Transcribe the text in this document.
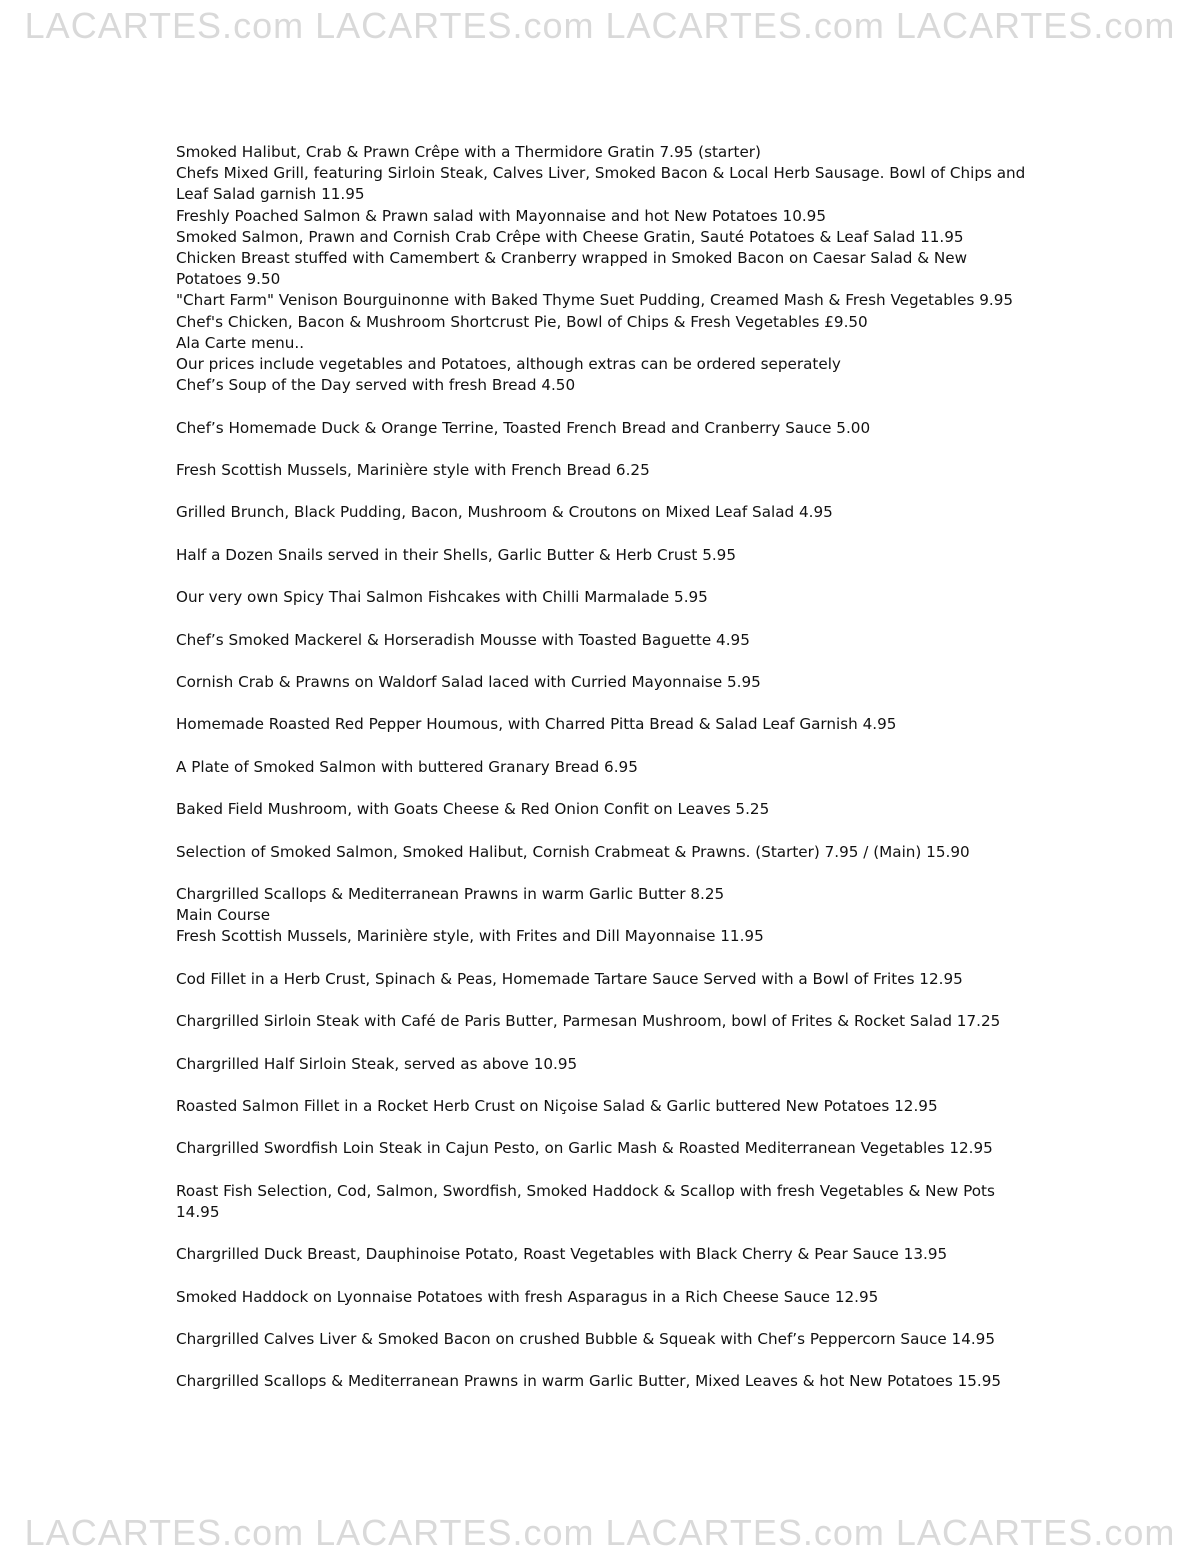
LACARTES.com LACARTES.com LACARTES.com LACARTES.com
Smoked Halibut, Crab & Prawn Crêpe with a Thermidore Gratin 7.95 (starter)
Chefs Mixed Grill, featuring Sirloin Steak, Calves Liver, Smoked Bacon & Local Herb Sausage. Bowl of Chips and Leaf Salad garnish 11.95
Freshly Poached Salmon & Prawn salad with Mayonnaise and hot New Potatoes 10.95
Smoked Salmon, Prawn and Cornish Crab Crêpe with Cheese Gratin, Sauté Potatoes & Leaf Salad 11.95
Chicken Breast stuffed with Camembert & Cranberry wrapped in Smoked Bacon on Caesar Salad & New Potatoes 9.50
"Chart Farm" Venison Bourguinonne with Baked Thyme Suet Pudding, Creamed Mash & Fresh Vegetables 9.95
Chef's Chicken, Bacon & Mushroom Shortcrust Pie, Bowl of Chips & Fresh Vegetables £9.50
Ala Carte menu..
Our prices include vegetables and Potatoes, although extras can be ordered seperately
Chef’s Soup of the Day served with fresh Bread 4.50
Chef’s Homemade Duck & Orange Terrine, Toasted French Bread and Cranberry Sauce 5.00
Fresh Scottish Mussels, Marinière style with French Bread 6.25
Grilled Brunch, Black Pudding, Bacon, Mushroom & Croutons on Mixed Leaf Salad 4.95
Half a Dozen Snails served in their Shells, Garlic Butter & Herb Crust 5.95
Our very own Spicy Thai Salmon Fishcakes with Chilli Marmalade 5.95
Chef’s Smoked Mackerel & Horseradish Mousse with Toasted Baguette 4.95
Cornish Crab & Prawns on Waldorf Salad laced with Curried Mayonnaise 5.95
Homemade Roasted Red Pepper Houmous, with Charred Pitta Bread & Salad Leaf Garnish 4.95
A Plate of Smoked Salmon with buttered Granary Bread 6.95
Baked Field Mushroom, with Goats Cheese & Red Onion Confit on Leaves 5.25
Selection of Smoked Salmon, Smoked Halibut, Cornish Crabmeat & Prawns. (Starter) 7.95 / (Main) 15.90
Chargrilled Scallops & Mediterranean Prawns in warm Garlic Butter 8.25
Main Course
Fresh Scottish Mussels, Marinière style, with Frites and Dill Mayonnaise 11.95
Cod Fillet in a Herb Crust, Spinach & Peas, Homemade Tartare Sauce Served with a Bowl of Frites 12.95
Chargrilled Sirloin Steak with Café de Paris Butter, Parmesan Mushroom, bowl of Frites & Rocket Salad 17.25
Chargrilled Half Sirloin Steak, served as above 10.95
Roasted Salmon Fillet in a Rocket Herb Crust on Niçoise Salad & Garlic buttered New Potatoes 12.95
Chargrilled Swordfish Loin Steak in Cajun Pesto, on Garlic Mash & Roasted Mediterranean Vegetables 12.95
Roast Fish Selection, Cod, Salmon, Swordfish, Smoked Haddock & Scallop with fresh Vegetables & New Pots 14.95
Chargrilled Duck Breast, Dauphinoise Potato, Roast Vegetables with Black Cherry & Pear Sauce 13.95
Smoked Haddock on Lyonnaise Potatoes with fresh Asparagus in a Rich Cheese Sauce 12.95
Chargrilled Calves Liver & Smoked Bacon on crushed Bubble & Squeak with Chef’s Peppercorn Sauce 14.95
Chargrilled Scallops & Mediterranean Prawns in warm Garlic Butter, Mixed Leaves & hot New Potatoes 15.95
LACARTES.com LACARTES.com LACARTES.com LACARTES.com
